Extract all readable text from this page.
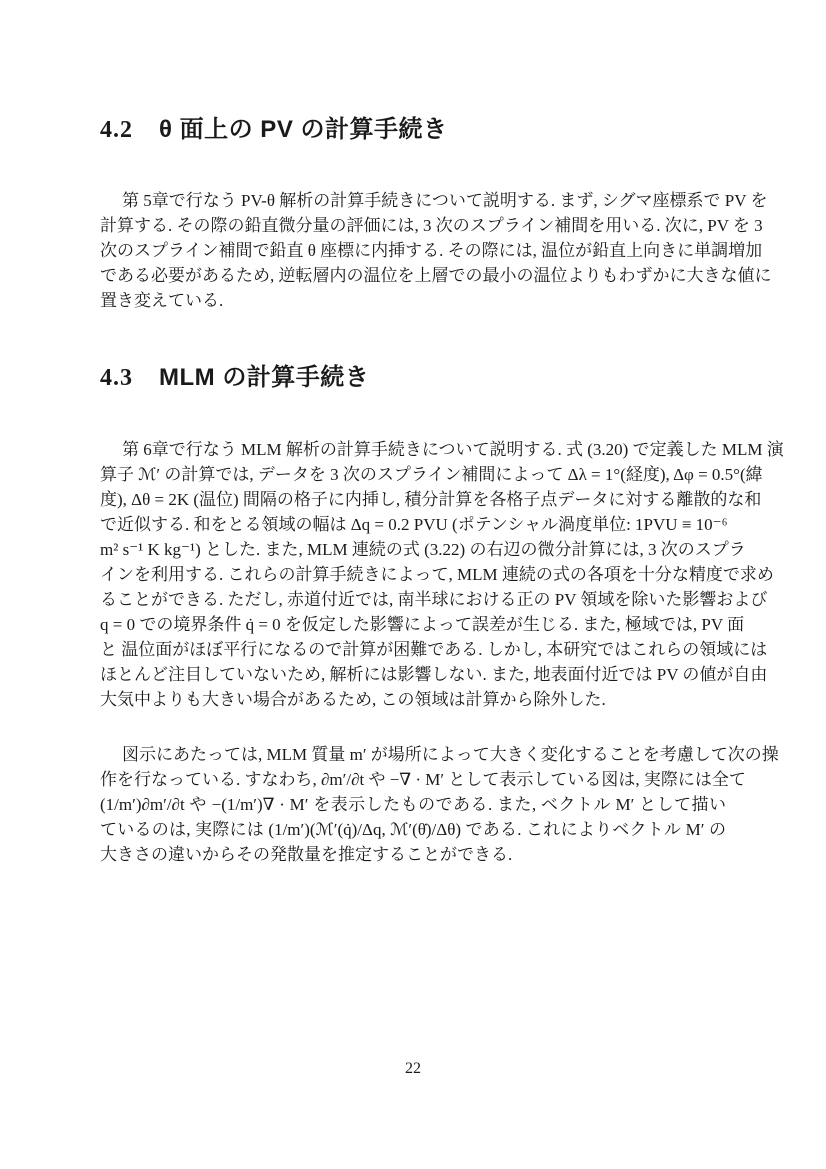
4.2 θ 面上の PV の計算手続き
第 5章で行なう PV-θ 解析の計算手続きについて説明する. まず, シグマ座標系で PV を
計算する. その際の鉛直微分量の評価には, 3 次のスプライン補間を用いる. 次に, PV を 3
次のスプライン補間で鉛直 θ 座標に内挿する. その際には, 温位が鉛直上向きに単調増加
である必要があるため, 逆転層内の温位を上層での最小の温位よりもわずかに大きな値に
置き変えている.
4.3 MLM の計算手続き
第 6章で行なう MLM 解析の計算手続きについて説明する. 式 (3.20) で定義した MLM 演
算子 ℳ′ の計算では, データを 3 次のスプライン補間によって Δλ = 1°(経度), Δφ = 0.5°(緯
度), Δθ = 2K (温位) 間隔の格子に内挿し, 積分計算を各格子点データに対する離散的な和
で近似する. 和をとる領域の幅は Δq = 0.2 PVU (ポテンシャル渦度単位: 1PVU ≡ 10⁻⁶
m² s⁻¹ K kg⁻¹) とした. また, MLM 連続の式 (3.22) の右辺の微分計算には, 3 次のスプラ
インを利用する. これらの計算手続きによって, MLM 連続の式の各項を十分な精度で求め
ることができる. ただし, 赤道付近では, 南半球における正の PV 領域を除いた影響および
q = 0 での境界条件 q̇ = 0 を仮定した影響によって誤差が生じる. また, 極域では, PV 面
と 温位面がほぼ平行になるので計算が困難である. しかし, 本研究ではこれらの領域には
ほとんど注目していないため, 解析には影響しない. また, 地表面付近では PV の値が自由
大気中よりも大きい場合があるため, この領域は計算から除外した.
図示にあたっては, MLM 質量 m′ が場所によって大きく変化することを考慮して次の操
作を行なっている. すなわち, ∂m′/∂t や −∇ · M′ として表示している図は, 実際には全て
(1/m′)∂m′/∂t や −(1/m′)∇ · M′ を表示したものである. また, ベクトル M′ として描い
ているのは, 実際には (1/m′)(ℳ′(q̇)/Δq, ℳ′(θ̇)/Δθ) である. これによりベクトル M′ の
大きさの違いからその発散量を推定することができる.
22
